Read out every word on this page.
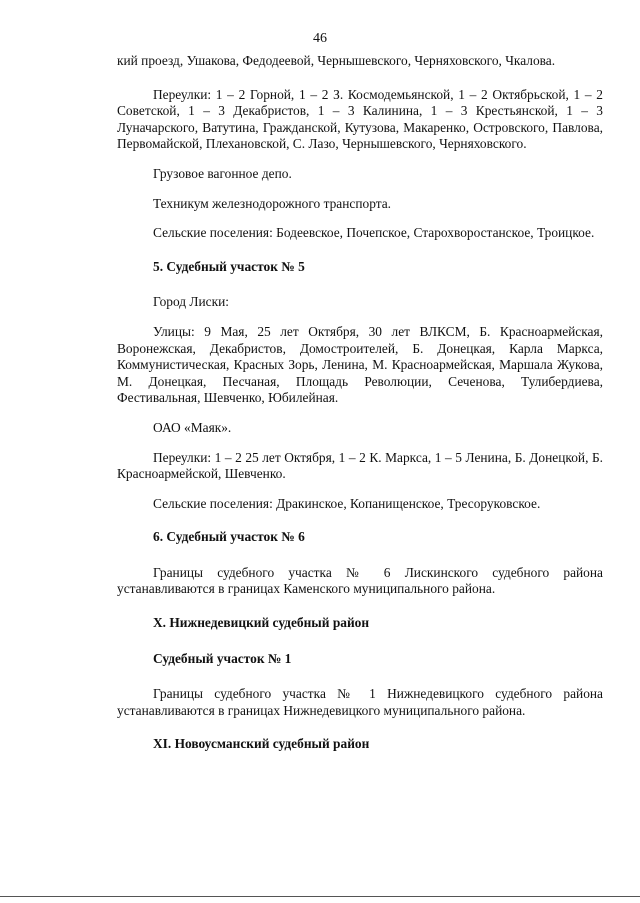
46

кий проезд, Ушакова, Федодеевой, Чернышевского, Черняховского, Чкалова.

Переулки: 1 – 2 Горной, 1 – 2 З. Космодемьянской, 1 – 2 Октябрьской, 1 – 2 Советской, 1 – 3 Декабристов, 1 – 3 Калинина, 1 – 3 Крестьянской, 1 – 3 Луначарского, Ватутина, Гражданской, Кутузова, Макаренко, Островского, Павлова, Первомайской, Плехановской, С. Лазо, Чернышевского, Черняховского.

Грузовое вагонное депо.

Техникум железнодорожного транспорта.

Сельские поселения: Бодеевское, Почепское, Старохворостанское, Троицкое.

5. Судебный участок № 5

Город Лиски:

Улицы: 9 Мая, 25 лет Октября, 30 лет ВЛКСМ, Б. Красноармейская, Воронежская, Декабристов, Домостроителей, Б. Донецкая, Карла Маркса, Коммунистическая, Красных Зорь, Ленина, М. Красноармейская, Маршала Жукова, М. Донецкая, Песчаная, Площадь Революции, Сеченова, Тулибердиева, Фестивальная, Шевченко, Юбилейная.

ОАО «Маяк».

Переулки: 1 – 2 25 лет Октября, 1 – 2 К. Маркса, 1 – 5 Ленина, Б. Донецкой, Б. Красноармейской, Шевченко.

Сельские поселения: Дракинское, Копанищенское, Тресоруковское.

6. Судебный участок № 6

Границы судебного участка № 6 Лискинского судебного района устанавливаются в границах Каменского муниципального района.

X. Нижнедевицкий судебный район
Судебный участок № 1

Границы судебного участка № 1 Нижнедевицкого судебного района устанавливаются в границах Нижнедевицкого муниципального района.

XI. Новоусманский судебный район
